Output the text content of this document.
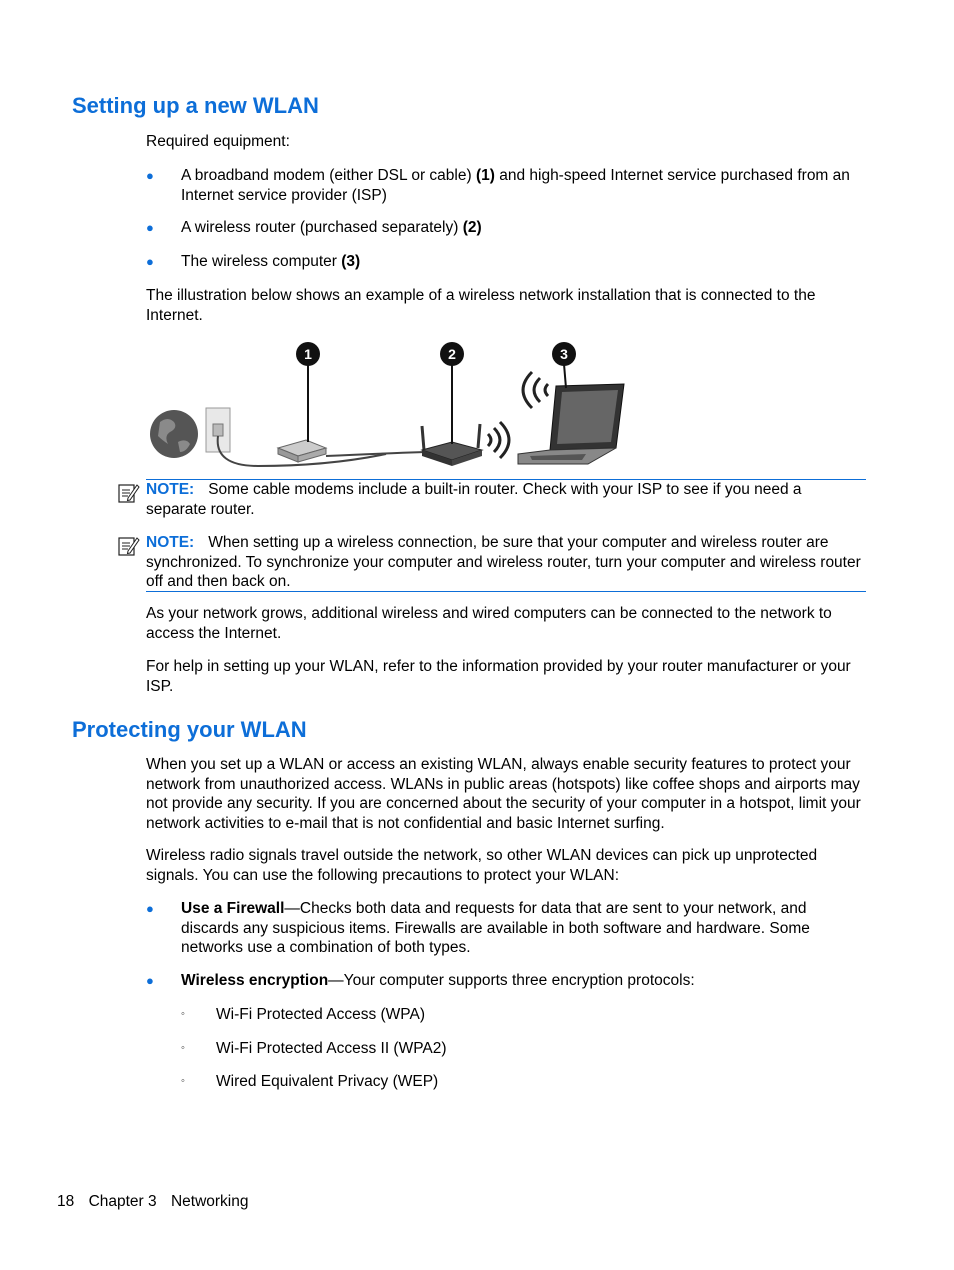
Setting up a new WLAN

Required equipment:

● A broadband modem (either DSL or cable) (1) and high-speed Internet service purchased from an Internet service provider (ISP)
● A wireless router (purchased separately) (2)
● The wireless computer (3)

The illustration below shows an example of a wireless network installation that is connected to the Internet.

1	2	3
NOTE: Some cable modems include a built-in router. Check with your ISP to see if you need a separate router.
NOTE: When setting up a wireless connection, be sure that your computer and wireless router are synchronized. To synchronize your computer and wireless router, turn your computer and wireless router off and then back on.

As your network grows, additional wireless and wired computers can be connected to the network to access the Internet.

For help in setting up your WLAN, refer to the information provided by your router manufacturer or your ISP.

Protecting your WLAN

When you set up a WLAN or access an existing WLAN, always enable security features to protect your network from unauthorized access. WLANs in public areas (hotspots) like coffee shops and airports may not provide any security. If you are concerned about the security of your computer in a hotspot, limit your network activities to e-mail that is not confidential and basic Internet surfing.

Wireless radio signals travel outside the network, so other WLAN devices can pick up unprotected signals. You can use the following precautions to protect your WLAN:

● Use a Firewall—Checks both data and requests for data that are sent to your network, and discards any suspicious items. Firewalls are available in both software and hardware. Some networks use a combination of both types.
● Wireless encryption—Your computer supports three encryption protocols:
◦ Wi-Fi Protected Access (WPA)
◦ Wi-Fi Protected Access II (WPA2)
◦ Wired Equivalent Privacy (WEP)
18 Chapter 3 Networking
